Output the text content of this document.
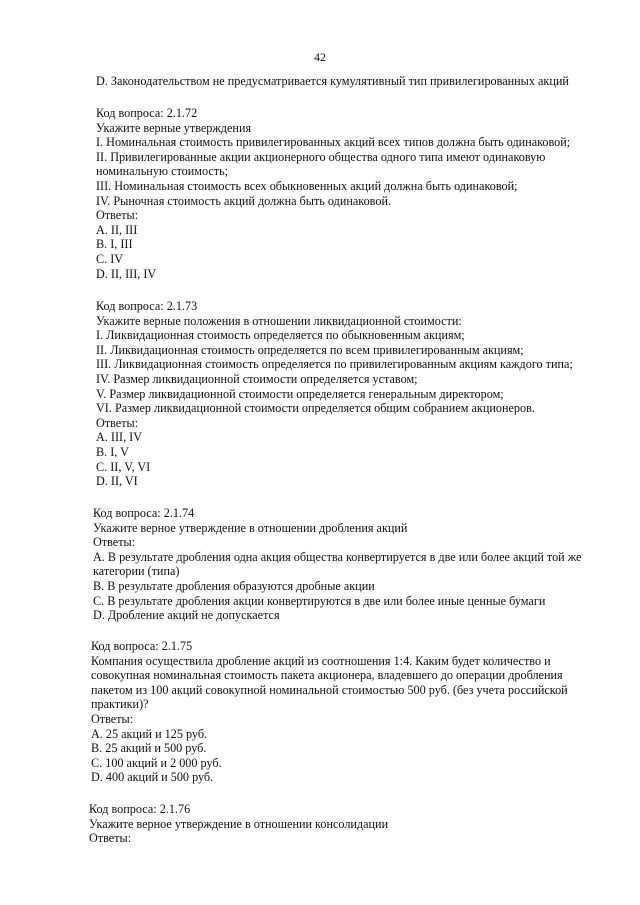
42
D. Законодательством не предусматривается кумулятивный тип привилегированных акций
Код вопроса: 2.1.72
Укажите верные утверждения
I. Номинальная стоимость привилегированных акций всех типов должна быть одинаковой;
II. Привилегированные акции акционерного общества одного типа имеют одинаковую
номинальную стоимость;
III. Номинальная стоимость всех обыкновенных акций должна быть одинаковой;
IV. Рыночная стоимость акций должна быть одинаковой.
Ответы:
A. II, III
B. I, III
C. IV
D. II, III, IV
Код вопроса: 2.1.73
Укажите верные положения в отношении ликвидационной стоимости:
I. Ликвидационная стоимость определяется по обыкновенным акциям;
II. Ликвидационная стоимость определяется по всем привилегированным акциям;
III. Ликвидационная стоимость определяется по привилегированным акциям каждого типа;
IV. Размер ликвидационной стоимости определяется уставом;
V. Размер ликвидационной стоимости определяется генеральным директором;
VI. Размер ликвидационной стоимости определяется общим собранием акционеров.
Ответы:
A. III, IV
B. I, V
C. II, V, VI
D. II, VI
Код вопроса: 2.1.74
Укажите верное утверждение в отношении дробления акций
Ответы:
A. В результате дробления одна акция общества конвертируется в две или более акций той же
категории (типа)
B. В результате дробления образуются дробные акции
C. В результате дробления акции конвертируются в две или более иные ценные бумаги
D. Дробление акций не допускается
Код вопроса: 2.1.75
Компания осуществила дробление акций из соотношения 1:4. Каким будет количество и
совокупная номинальная стоимость пакета акционера, владевшего до операции дробления
пакетом из 100 акций совокупной номинальной стоимостью 500 руб. (без учета российской
практики)?
Ответы:
A. 25 акций и 125 руб.
B. 25 акций и 500 руб.
C. 100 акций и 2 000 руб.
D. 400 акций и 500 руб.
Код вопроса: 2.1.76
Укажите верное утверждение в отношении консолидации
Ответы:
